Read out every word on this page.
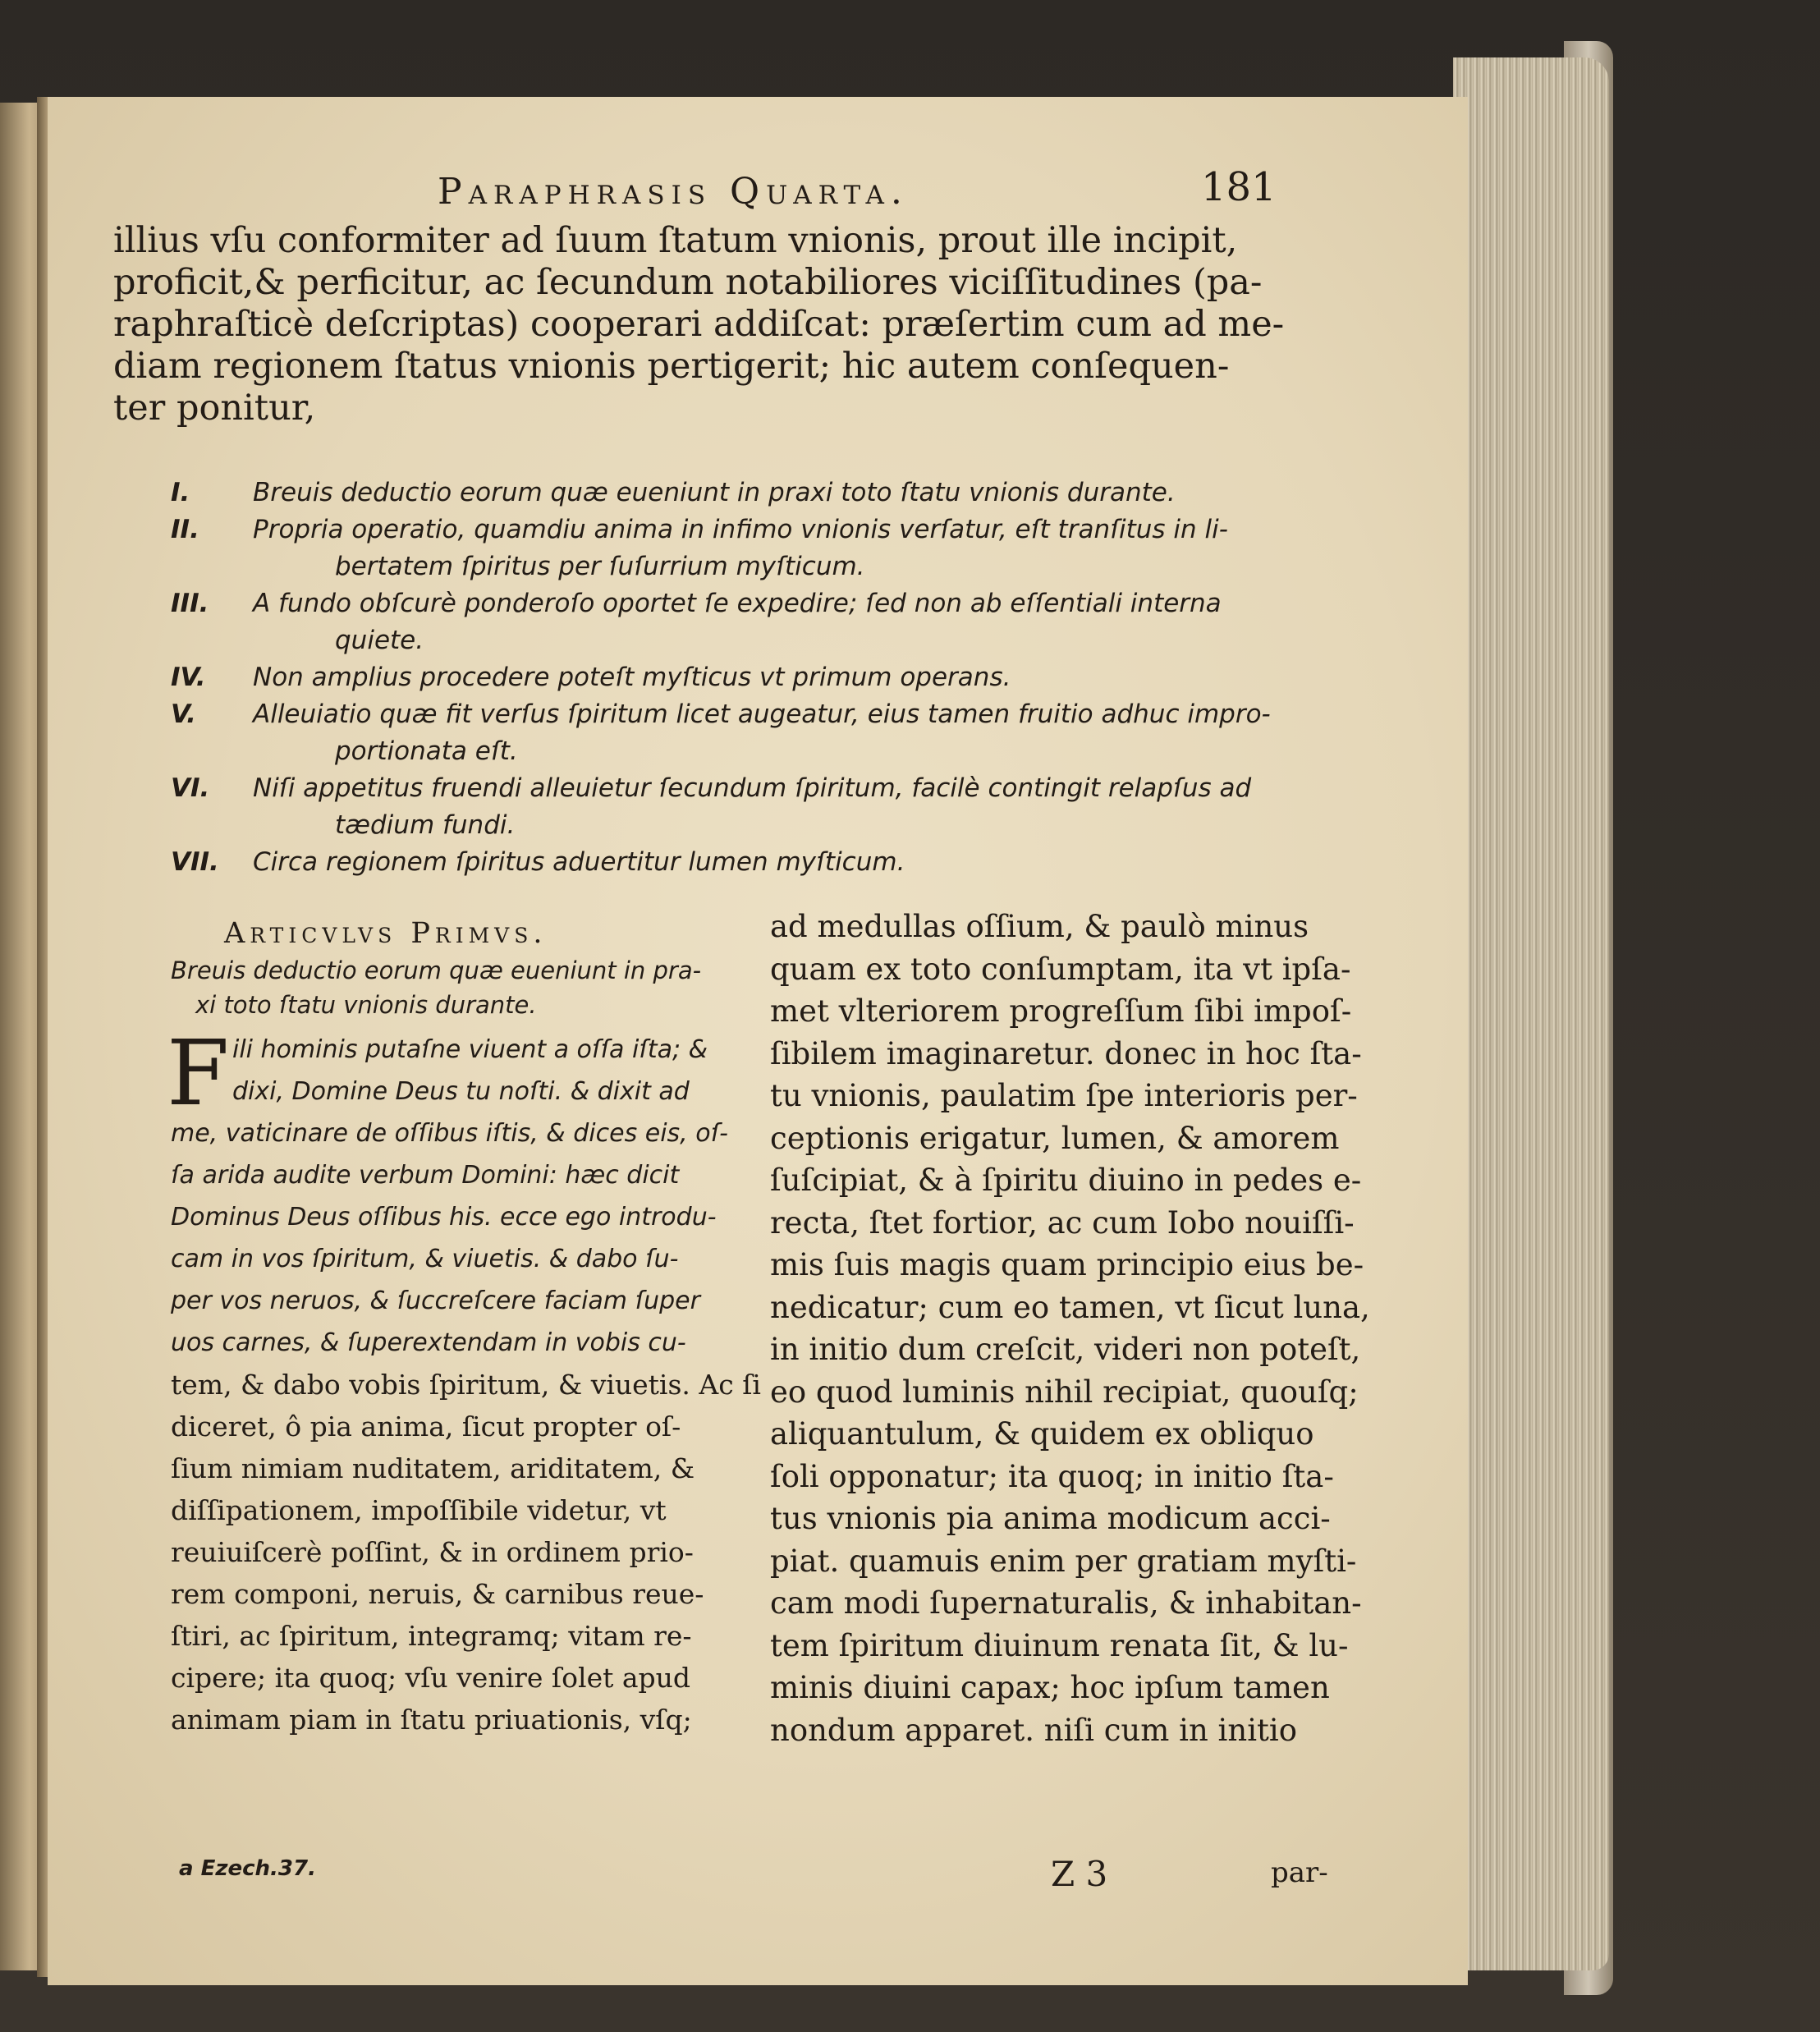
Paraphrasis Quarta.	181
illius vſu conformiter ad ſuum ſtatum vnionis, prout ille incipit,
proficit,& perficitur, ac ſecundum notabiliores viciſſitudines (pa-
raphraſticè deſcriptas) cooperari addiſcat: præſertim cum ad me-
diam regionem ſtatus vnionis pertigerit; hic autem conſequen-
ter ponitur,
I.	Breuis deductio eorum quæ eueniunt in praxi toto ſtatu vnionis durante.
II.	Propria operatio, quamdiu anima in infimo vnionis verſatur, eſt tranſitus in li-
bertatem ſpiritus per ſuſurrium myſticum.
III.	A fundo obſcurè ponderoſo oportet ſe expedire; ſed non ab eſſentiali interna
quiete.
IV.	Non amplius procedere poteſt myſticus vt primum operans.
V.	Alleuiatio quæ fit verſus ſpiritum licet augeatur, eius tamen fruitio adhuc impro-
portionata eſt.
VI.	Niſi appetitus fruendi alleuietur ſecundum ſpiritum, facilè contingit relapſus ad
tædium fundi.
VII.	Circa regionem ſpiritus aduertitur lumen myſticum.
Articvlvs Primvs.
Breuis deductio eorum quæ eueniunt in pra-
xi toto ſtatu vnionis durante.
F ili hominis putaſne viuent a oſſa iſta; &
dixi, Domine Deus tu noſti. & dixit ad
me, vaticinare de oſſibus iſtis, & dices eis, oſ-
ſa arida audite verbum Domini: hæc dicit
Dominus Deus oſſibus his. ecce ego introdu-
cam in vos ſpiritum, & viuetis. & dabo ſu-
per vos neruos, & ſuccreſcere faciam ſuper
uos carnes, & ſuperextendam in vobis cu-
tem, & dabo vobis ſpiritum, & viuetis. Ac ſi
diceret, ô pia anima, ſicut propter oſ-
ſium nimiam nuditatem, ariditatem, &
diſſipationem, impoſſibile videtur, vt
reuiuiſcerè poſſint, & in ordinem prio-
rem componi, neruis, & carnibus reue-
ſtiri, ac ſpiritum, integramq; vitam re-
cipere; ita quoq; vſu venire ſolet apud
animam piam in ſtatu priuationis, vſq;
ad medullas oſſium, & paulò minus
quam ex toto conſumptam, ita vt ipſa-
met vlteriorem progreſſum ſibi impoſ-
ſibilem imaginaretur. donec in hoc ſta-
tu vnionis, paulatim ſpe interioris per-
ceptionis erigatur, lumen, & amorem
ſuſcipiat, & à ſpiritu diuino in pedes e-
recta, ſtet fortior, ac cum Iobo nouiſſi-
mis ſuis magis quam principio eius be-
nedicatur; cum eo tamen, vt ſicut luna,
in initio dum creſcit, videri non poteſt,
eo quod luminis nihil recipiat, quouſq;
aliquantulum, & quidem ex obliquo
ſoli opponatur; ita quoq; in initio ſta-
tus vnionis pia anima modicum acci-
piat. quamuis enim per gratiam myſti-
cam modi ſupernaturalis, & inhabitan-
tem ſpiritum diuinum renata ſit, & lu-
minis diuini capax; hoc ipſum tamen
nondum apparet. niſi cum in initio
a Ezech.37.	Z 3	par-
